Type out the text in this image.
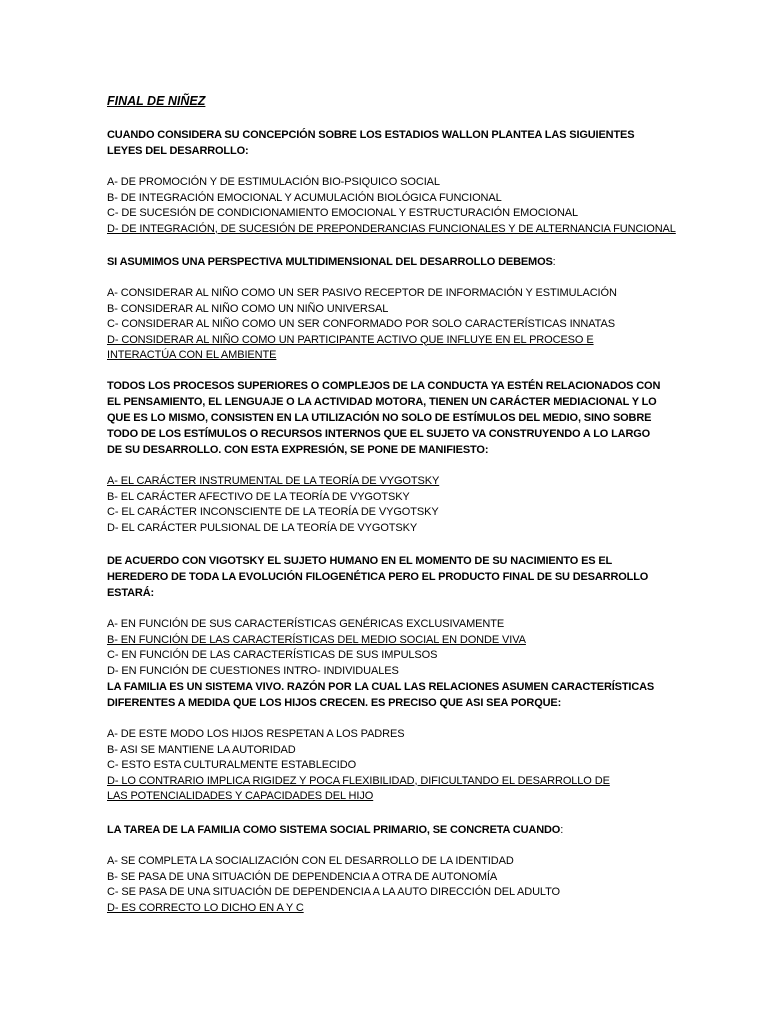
FINAL DE NIÑEZ
CUANDO CONSIDERA SU CONCEPCIÓN SOBRE LOS ESTADIOS WALLON PLANTEA LAS SIGUIENTES LEYES DEL DESARROLLO:
A- DE PROMOCIÓN Y DE ESTIMULACIÓN BIO-PSIQUICO SOCIAL
B- DE INTEGRACIÓN EMOCIONAL Y ACUMULACIÓN BIOLÓGICA FUNCIONAL
C- DE SUCESIÓN DE CONDICIONAMIENTO EMOCIONAL Y ESTRUCTURACIÓN EMOCIONAL
D- DE INTEGRACIÓN, DE SUCESIÓN DE PREPONDERANCIAS FUNCIONALES Y DE ALTERNANCIA FUNCIONAL
SI ASUMIMOS UNA PERSPECTIVA MULTIDIMENSIONAL DEL DESARROLLO DEBEMOS:
A- CONSIDERAR AL NIÑO COMO UN SER PASIVO RECEPTOR DE INFORMACIÓN Y ESTIMULACIÓN
B- CONSIDERAR AL NIÑO COMO UN NIÑO UNIVERSAL
C- CONSIDERAR AL NIÑO COMO UN SER CONFORMADO POR SOLO CARACTERÍSTICAS INNATAS
D- CONSIDERAR AL NIÑO COMO UN PARTICIPANTE ACTIVO QUE INFLUYE EN EL PROCESO E INTERACTÚA CON EL AMBIENTE
TODOS LOS PROCESOS SUPERIORES O COMPLEJOS DE LA CONDUCTA YA ESTÉN RELACIONADOS CON EL PENSAMIENTO, EL LENGUAJE O LA ACTIVIDAD MOTORA, TIENEN UN CARÁCTER MEDIACIONAL Y LO QUE ES LO MISMO, CONSISTEN EN LA UTILIZACIÓN NO SOLO DE ESTÍMULOS DEL MEDIO, SINO SOBRE TODO DE LOS ESTÍMULOS O RECURSOS INTERNOS QUE EL SUJETO VA CONSTRUYENDO A LO LARGO DE SU DESARROLLO. CON ESTA EXPRESIÓN, SE PONE DE MANIFIESTO:
A- EL CARÁCTER INSTRUMENTAL DE LA TEORÍA DE VYGOTSKY
B- EL CARÁCTER AFECTIVO DE LA TEORÍA DE VYGOTSKY
C- EL CARÁCTER INCONSCIENTE DE LA TEORÍA DE VYGOTSKY
D- EL CARÁCTER PULSIONAL DE LA TEORÍA DE VYGOTSKY
DE ACUERDO CON VIGOTSKY EL SUJETO HUMANO EN EL MOMENTO DE SU NACIMIENTO ES EL HEREDERO DE TODA LA EVOLUCIÓN FILOGENÉTICA PERO EL PRODUCTO FINAL DE SU DESARROLLO ESTARÁ:
A- EN FUNCIÓN DE SUS CARACTERÍSTICAS GENÉRICAS EXCLUSIVAMENTE
B- EN FUNCIÓN DE LAS CARACTERÍSTICAS DEL MEDIO SOCIAL EN DONDE VIVA
C- EN FUNCIÓN DE LAS CARACTERÍSTICAS DE SUS IMPULSOS
D- EN FUNCIÓN DE CUESTIONES INTRO- INDIVIDUALES
LA FAMILIA ES UN SISTEMA VIVO. RAZÓN POR LA CUAL LAS RELACIONES ASUMEN CARACTERÍSTICAS DIFERENTES A MEDIDA QUE LOS HIJOS CRECEN. ES PRECISO QUE ASI SEA PORQUE:
A- DE ESTE MODO LOS HIJOS RESPETAN A LOS PADRES
B- ASI SE MANTIENE LA AUTORIDAD
C- ESTO ESTA CULTURALMENTE ESTABLECIDO
D- LO CONTRARIO IMPLICA RIGIDEZ Y POCA FLEXIBILIDAD, DIFICULTANDO EL DESARROLLO DE LAS POTENCIALIDADES Y CAPACIDADES DEL HIJO
LA TAREA DE LA FAMILIA COMO SISTEMA SOCIAL PRIMARIO, SE CONCRETA CUANDO:
A- SE COMPLETA LA SOCIALIZACIÓN CON EL DESARROLLO DE LA IDENTIDAD
B- SE PASA DE UNA SITUACIÓN DE DEPENDENCIA A OTRA DE AUTONOMÍA
C- SE PASA DE UNA SITUACIÓN DE DEPENDENCIA A LA AUTO DIRECCIÓN DEL ADULTO
D- ES CORRECTO LO DICHO EN A Y C
